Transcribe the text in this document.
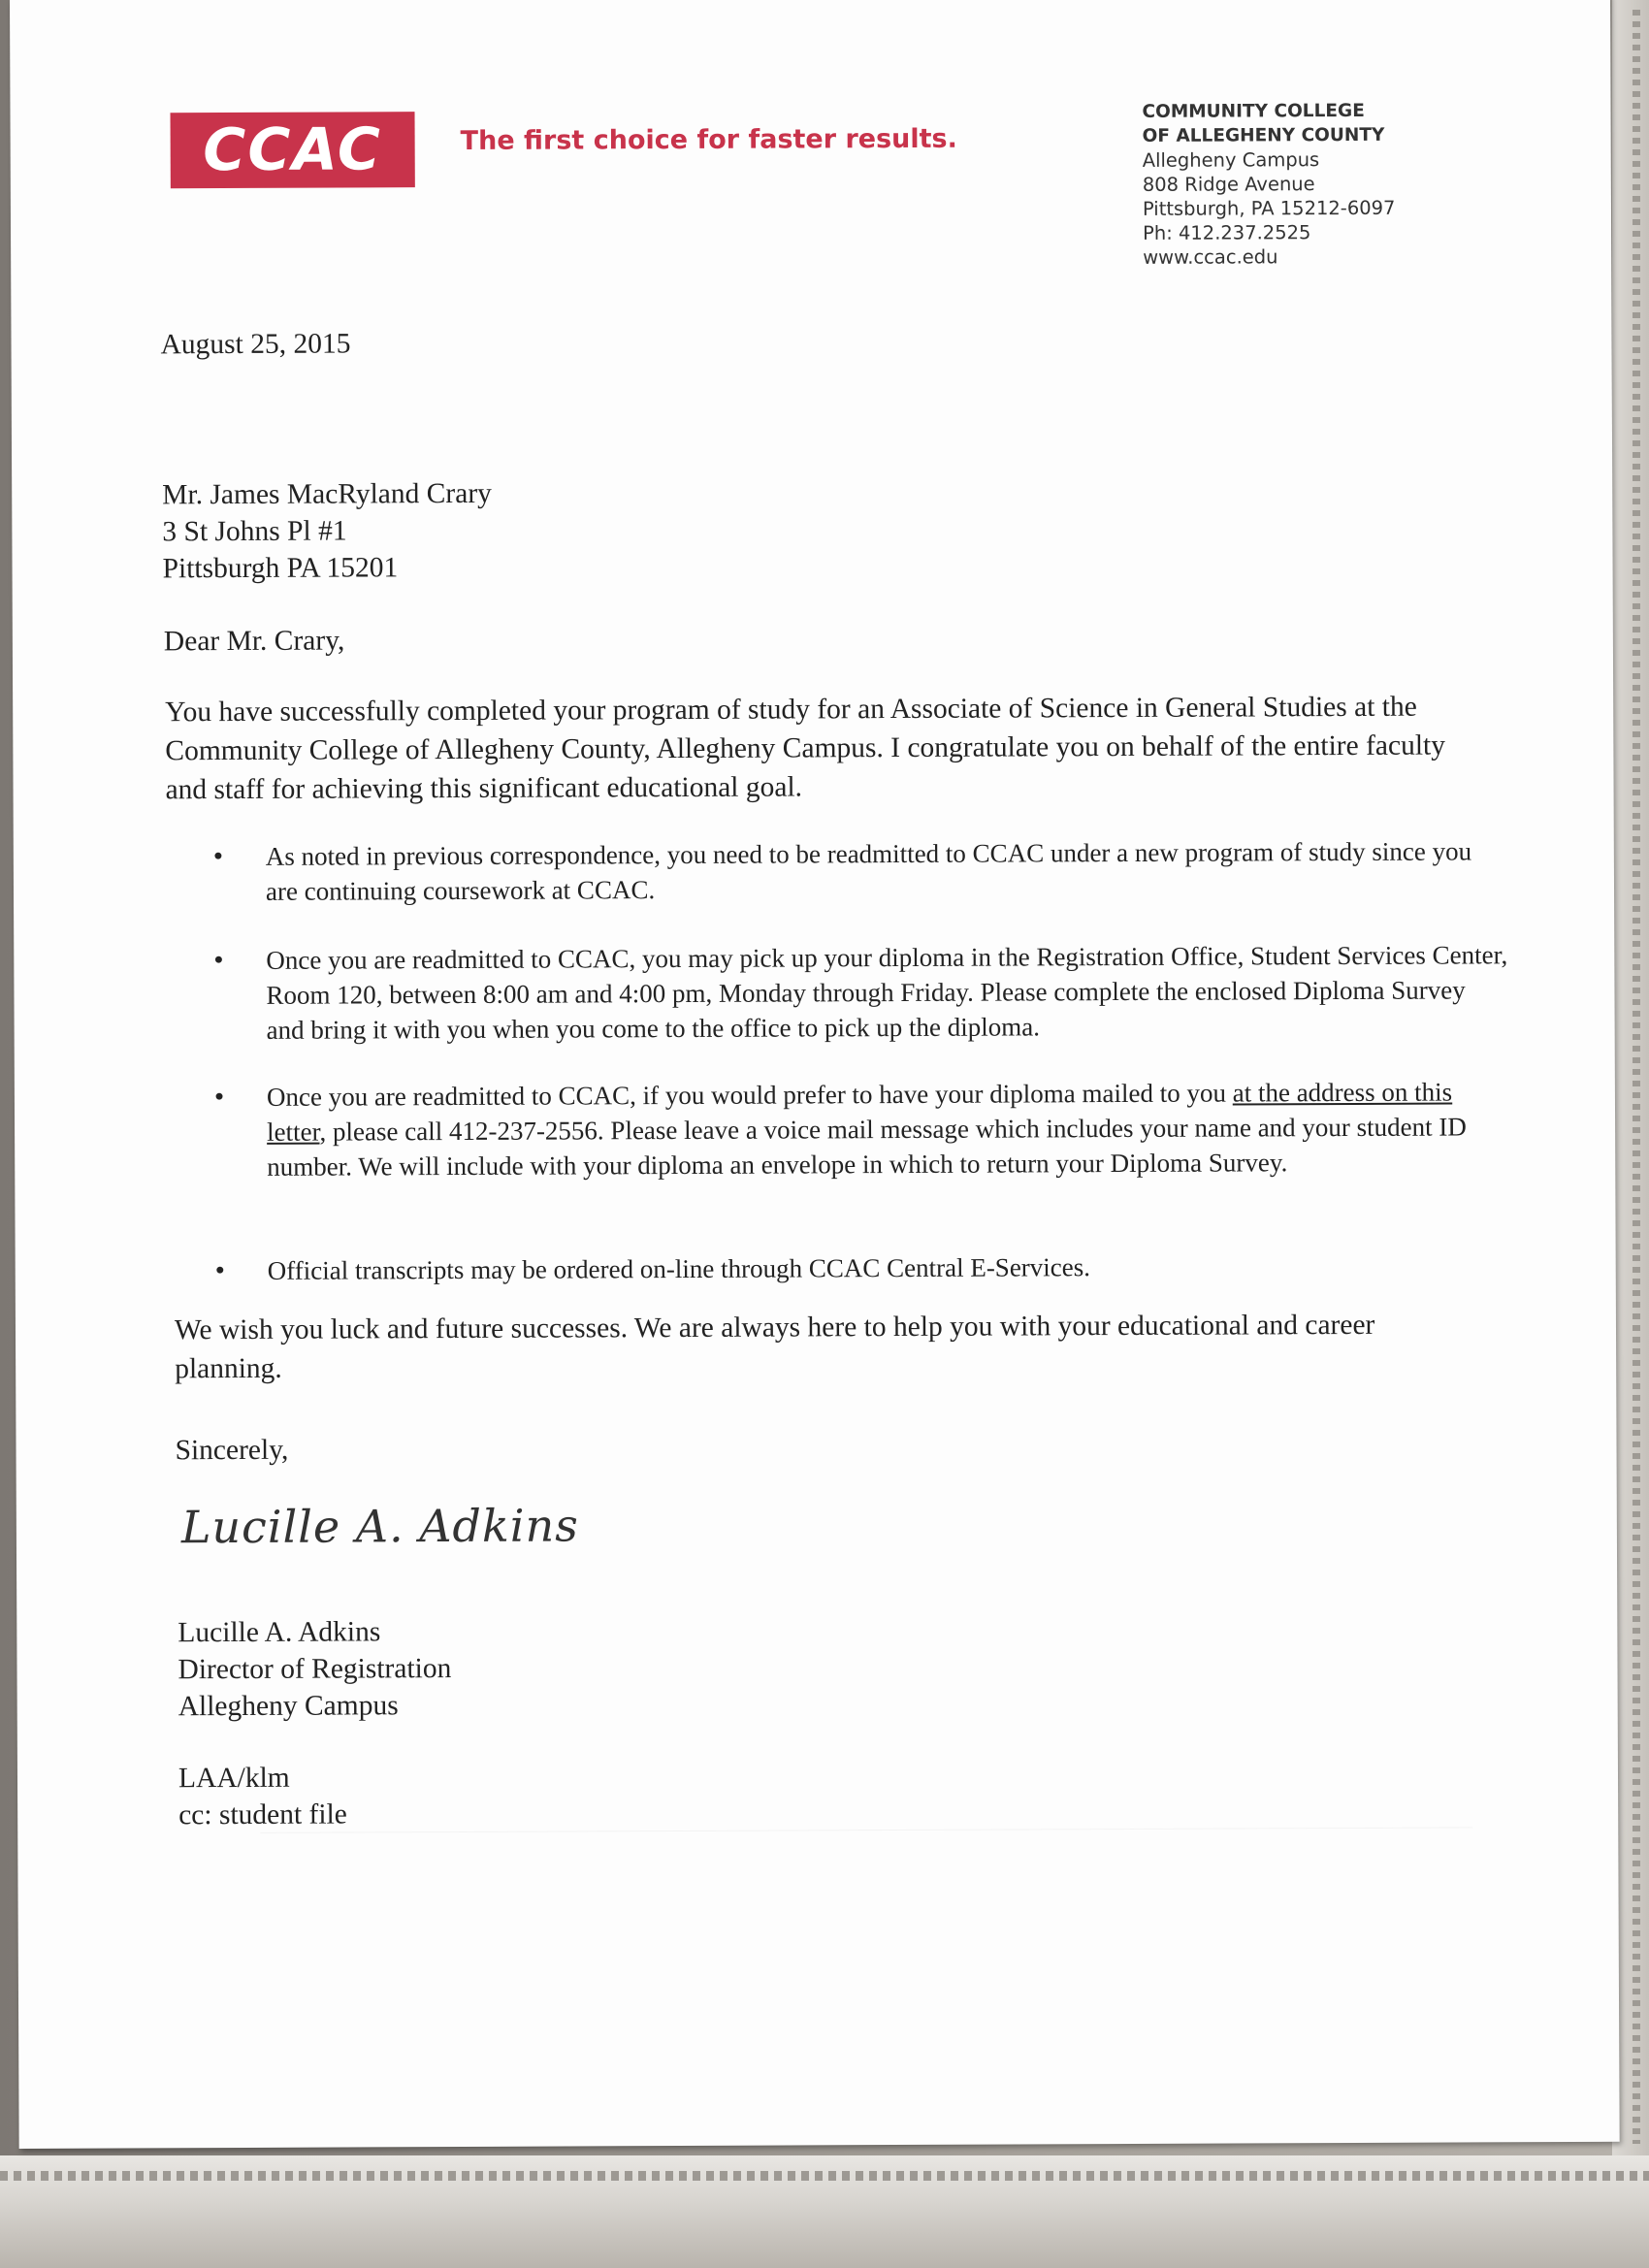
CCAC	The first choice for faster results.
COMMUNITY COLLEGE
OF ALLEGHENY COUNTY
Allegheny Campus
808 Ridge Avenue
Pittsburgh, PA 15212-6097
Ph: 412.237.2525
www.ccac.edu
August 25, 2015
Mr. James MacRyland Crary
3 St Johns Pl #1
Pittsburgh PA 15201
Dear Mr. Crary,
You have successfully completed your program of study for an Associate of Science in General Studies at the Community College of Allegheny County, Allegheny Campus. I congratulate you on behalf of the entire faculty and staff for achieving this significant educational goal.
• As noted in previous correspondence, you need to be readmitted to CCAC under a new program of study since you are continuing coursework at CCAC.
• Once you are readmitted to CCAC, you may pick up your diploma in the Registration Office, Student Services Center, Room 120, between 8:00 am and 4:00 pm, Monday through Friday. Please complete the enclosed Diploma Survey and bring it with you when you come to the office to pick up the diploma.
• Once you are readmitted to CCAC, if you would prefer to have your diploma mailed to you at the address on this letter, please call 412-237-2556. Please leave a voice mail message which includes your name and your student ID number. We will include with your diploma an envelope in which to return your Diploma Survey.
• Official transcripts may be ordered on-line through CCAC Central E-Services.
We wish you luck and future successes. We are always here to help you with your educational and career planning.
Sincerely,
Lucille A. Adkins
Lucille A. Adkins
Director of Registration
Allegheny Campus
LAA/klm
cc: student file
